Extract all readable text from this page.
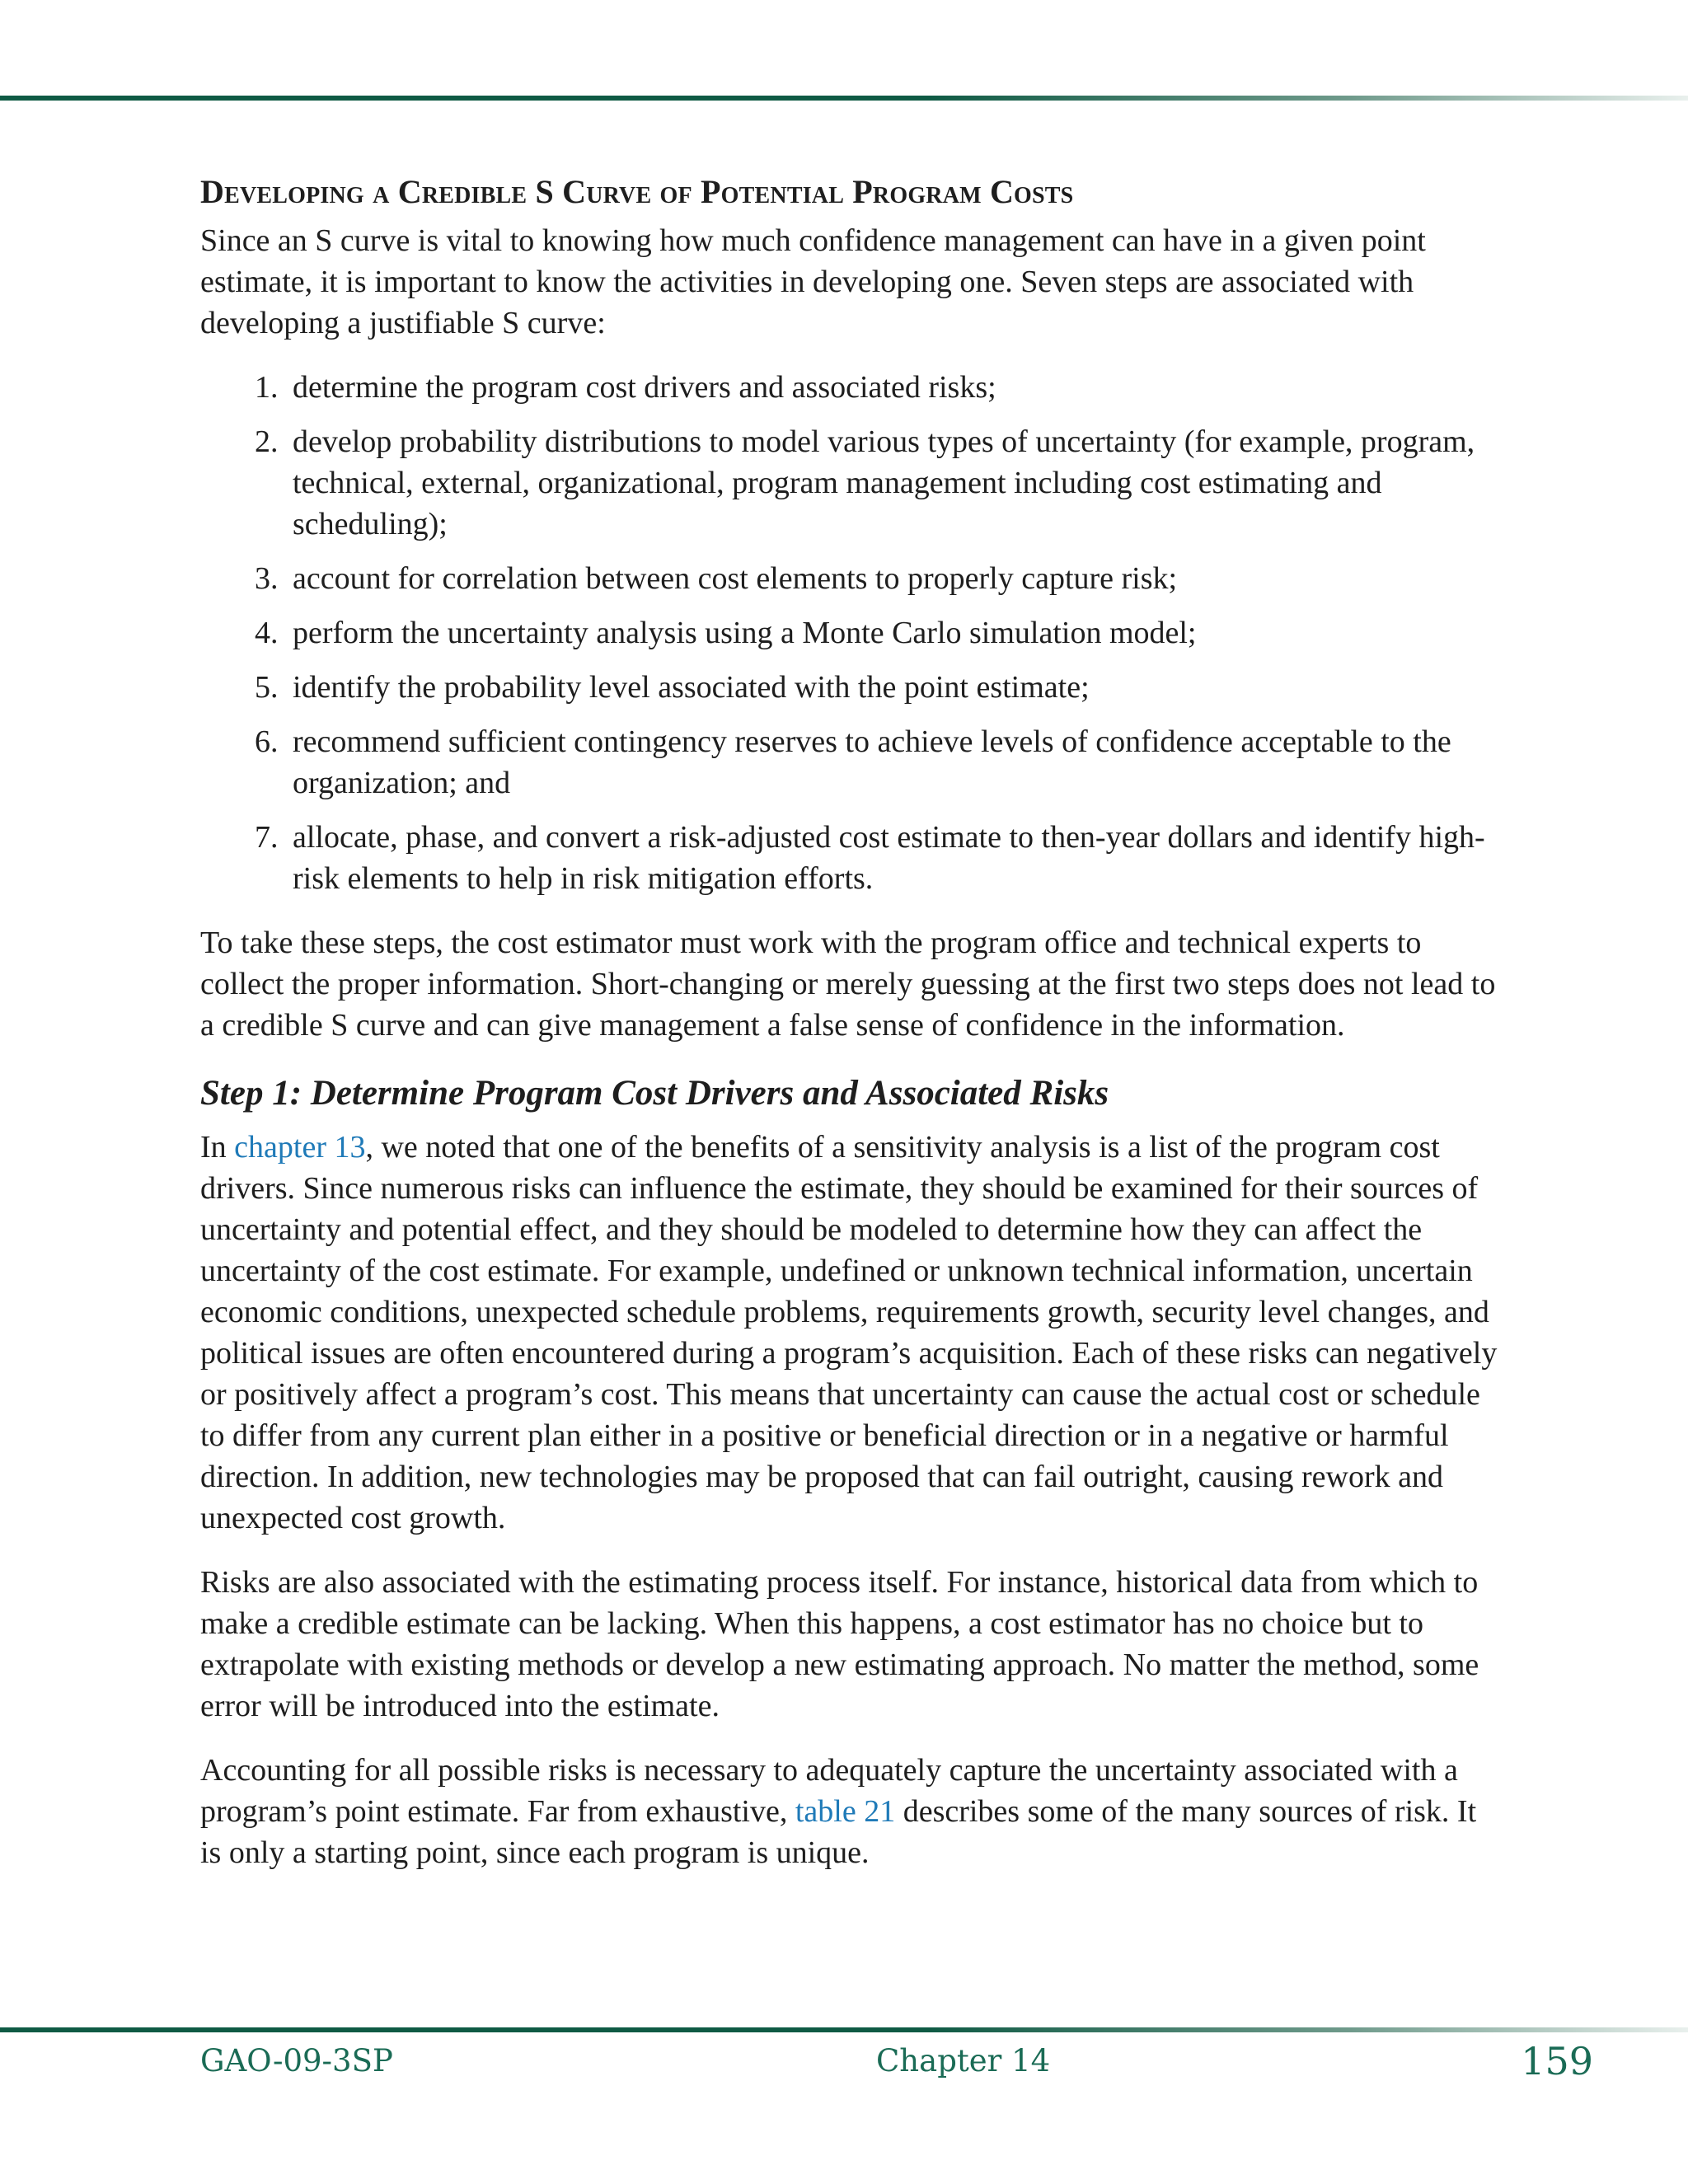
Developing a Credible S Curve of Potential Program Costs

Since an S curve is vital to knowing how much confidence management can have in a given point estimate, it is important to know the activities in developing one. Seven steps are associated with developing a justifiable S curve:

1. determine the program cost drivers and associated risks;
2. develop probability distributions to model various types of uncertainty (for example, program, technical, external, organizational, program management including cost estimating and scheduling);
3. account for correlation between cost elements to properly capture risk;
4. perform the uncertainty analysis using a Monte Carlo simulation model;
5. identify the probability level associated with the point estimate;
6. recommend sufficient contingency reserves to achieve levels of confidence acceptable to the organization; and
7. allocate, phase, and convert a risk-adjusted cost estimate to then-year dollars and identify high-risk elements to help in risk mitigation efforts.

To take these steps, the cost estimator must work with the program office and technical experts to collect the proper information. Short-changing or merely guessing at the first two steps does not lead to a credible S curve and can give management a false sense of confidence in the information.

Step 1: Determine Program Cost Drivers and Associated Risks

In chapter 13, we noted that one of the benefits of a sensitivity analysis is a list of the program cost drivers. Since numerous risks can influence the estimate, they should be examined for their sources of uncertainty and potential effect, and they should be modeled to determine how they can affect the uncertainty of the cost estimate. For example, undefined or unknown technical information, uncertain economic conditions, unexpected schedule problems, requirements growth, security level changes, and political issues are often encountered during a program’s acquisition. Each of these risks can negatively or positively affect a program’s cost. This means that uncertainty can cause the actual cost or schedule to differ from any current plan either in a positive or beneficial direction or in a negative or harmful direction. In addition, new technologies may be proposed that can fail outright, causing rework and unexpected cost growth.

Risks are also associated with the estimating process itself. For instance, historical data from which to make a credible estimate can be lacking. When this happens, a cost estimator has no choice but to extrapolate with existing methods or develop a new estimating approach. No matter the method, some error will be introduced into the estimate.

Accounting for all possible risks is necessary to adequately capture the uncertainty associated with a program’s point estimate. Far from exhaustive, table 21 describes some of the many sources of risk. It is only a starting point, since each program is unique.

GAO-09-3SP	Chapter 14	159
